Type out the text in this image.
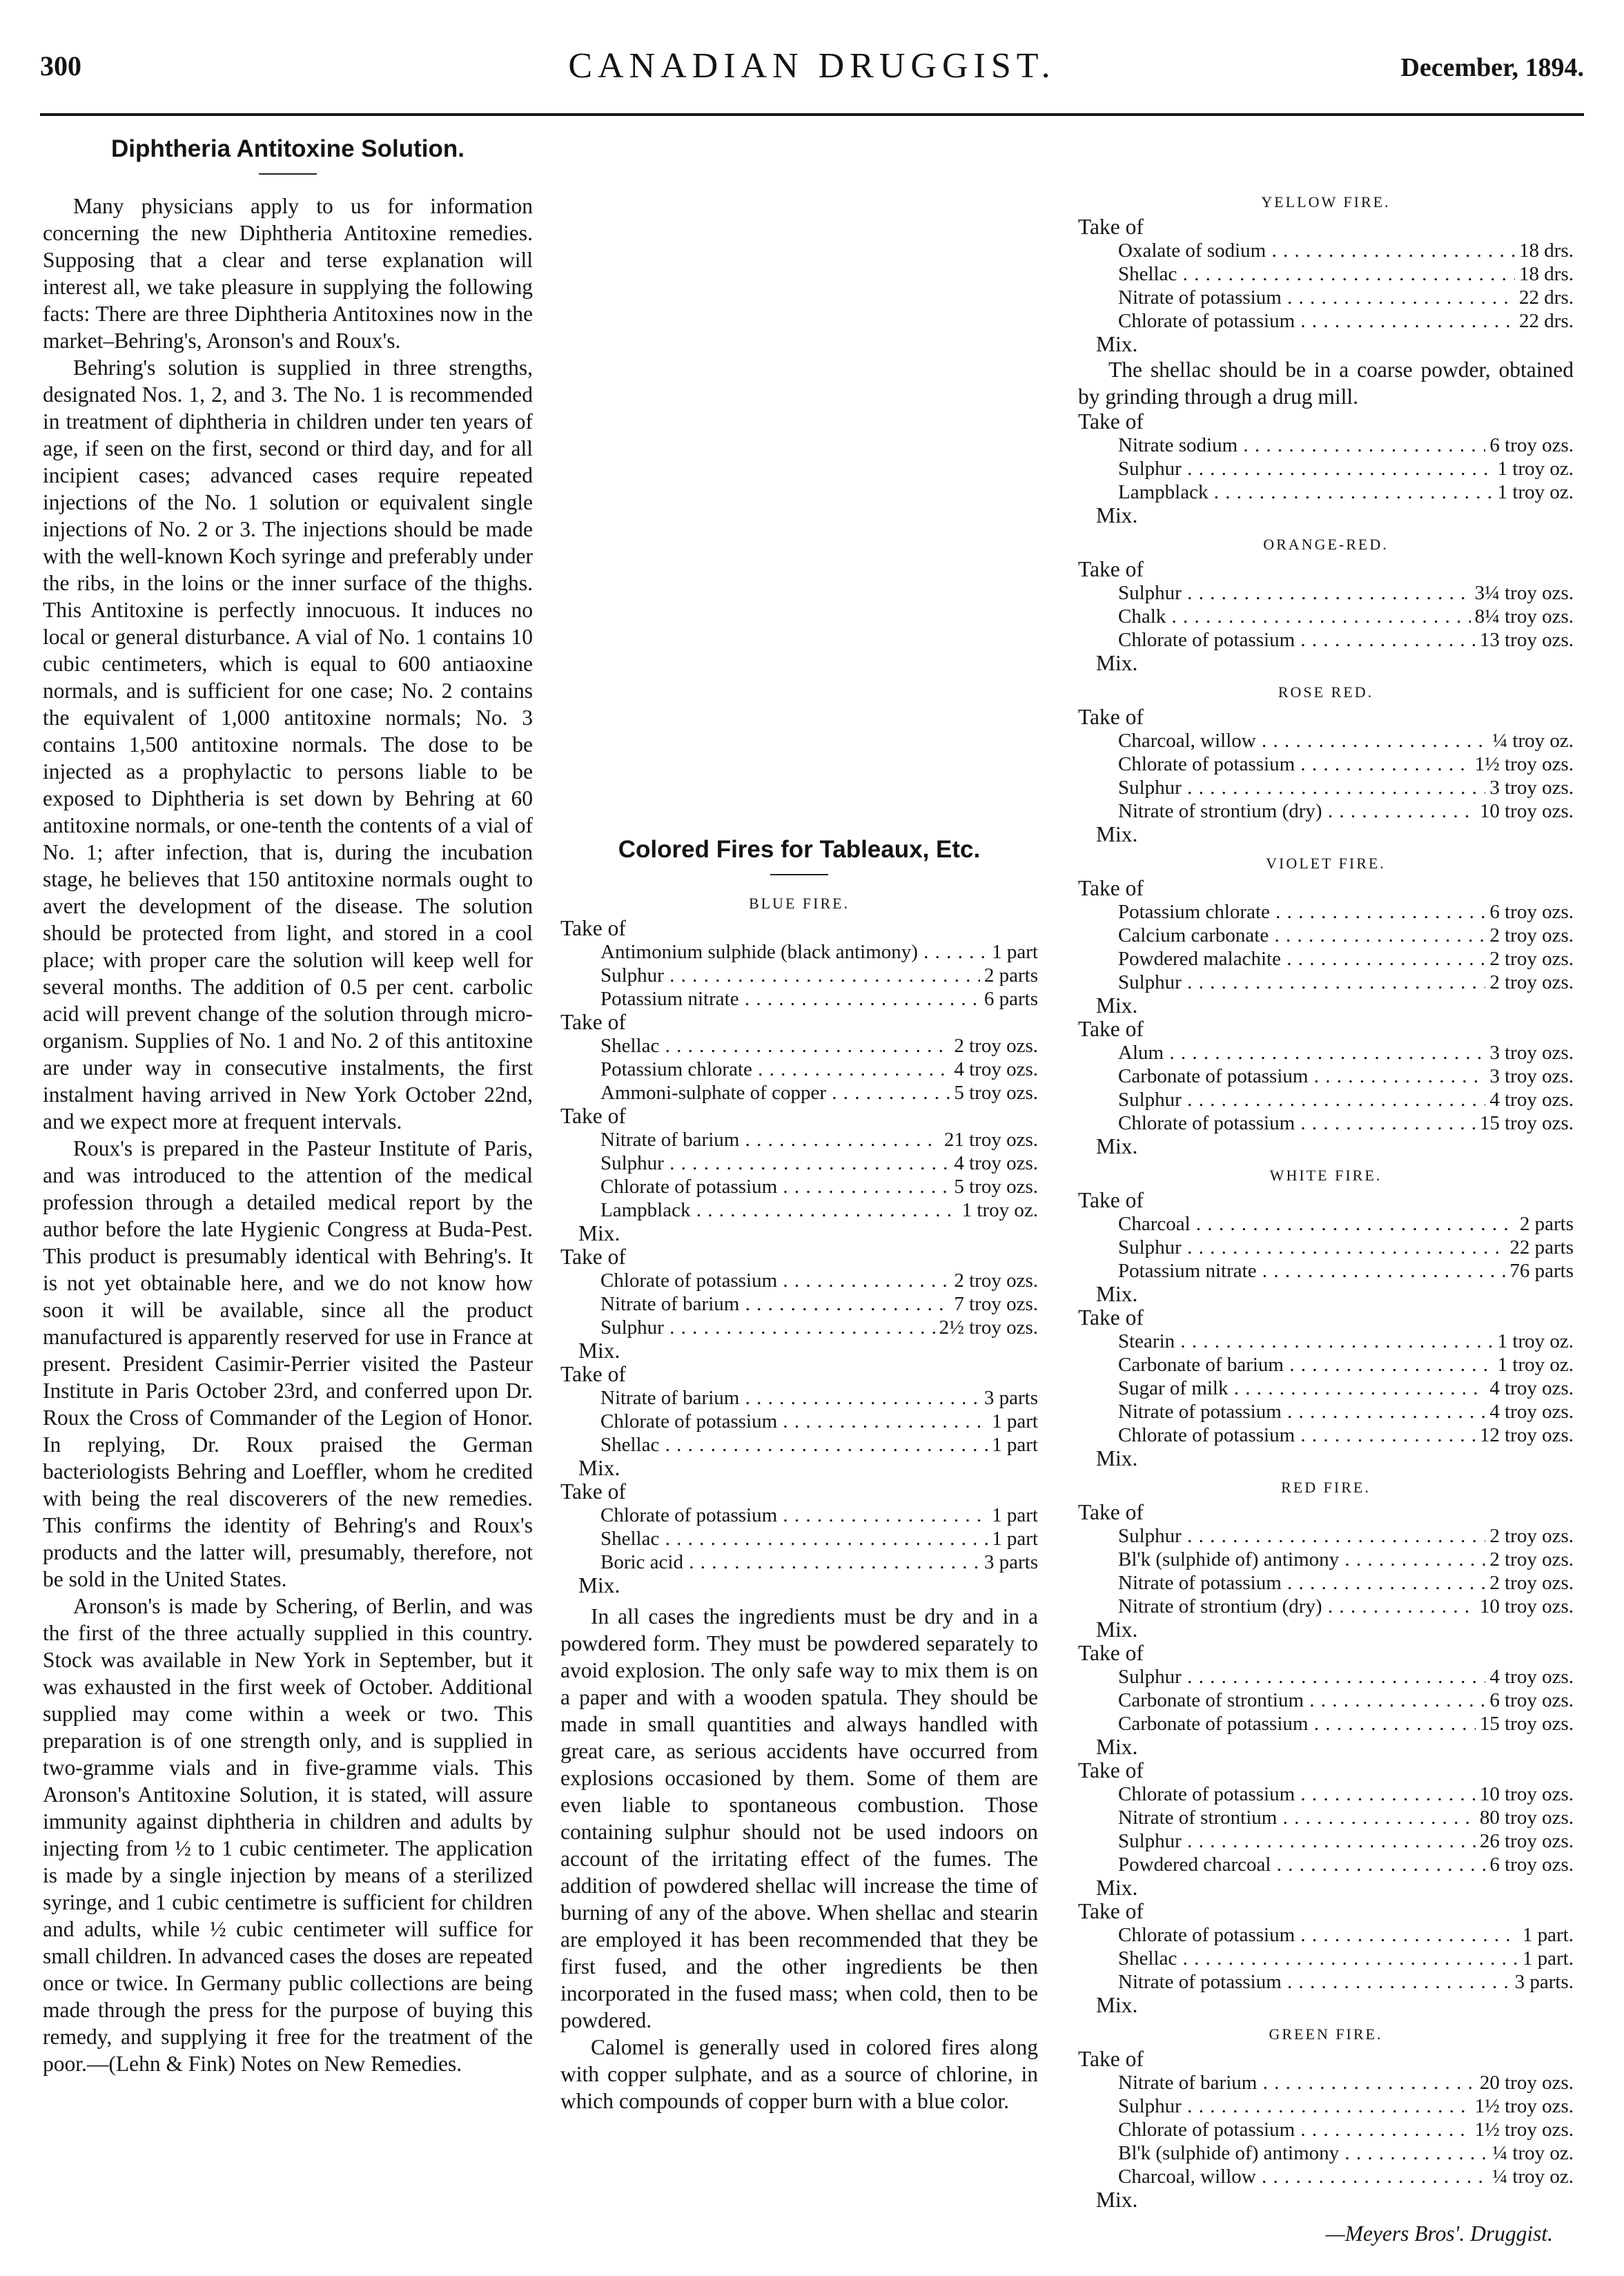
300	CANADIAN DRUGGIST.	December, 1894.
Diphtheria Antitoxine Solution.

Many physicians apply to us for information concerning the new Diphtheria Antitoxine remedies. Supposing that a clear and terse explanation will interest all, we take pleasure in supplying the following facts: There are three Diphtheria Antitoxines now in the market–Behring's, Aronson's and Roux's.

Behring's solution is supplied in three strengths, designated Nos. 1, 2, and 3. The No. 1 is recommended in treatment of diphtheria in children under ten years of age, if seen on the first, second or third day, and for all incipient cases; advanced cases require repeated injections of the No. 1 solution or equivalent single injections of No. 2 or 3. The injections should be made with the well-known Koch syringe and preferably under the ribs, in the loins or the inner surface of the thighs. This Antitoxine is perfectly innocuous. It induces no local or general disturbance. A vial of No. 1 contains 10 cubic centimeters, which is equal to 600 antiaoxine normals, and is sufficient for one case; No. 2 contains the equivalent of 1,000 antitoxine normals; No. 3 contains 1,500 antitoxine normals. The dose to be injected as a prophylactic to persons liable to be exposed to Diphtheria is set down by Behring at 60 antitoxine normals, or one-tenth the contents of a vial of No. 1; after infection, that is, during the incubation stage, he believes that 150 antitoxine normals ought to avert the development of the disease. The solution should be protected from light, and stored in a cool place; with proper care the solution will keep well for several months. The addition of 0.5 per cent. carbolic acid will prevent change of the solution through micro-organism. Supplies of No. 1 and No. 2 of this antitoxine are under way in consecutive instalments, the first instalment having arrived in New York October 22nd, and we expect more at frequent intervals.

Roux's is prepared in the Pasteur Institute of Paris, and was introduced to the attention of the medical profession through a detailed medical report by the author before the late Hygienic Congress at Buda-Pest. This product is presumably identical with Behring's. It is not yet obtainable here, and we do not know how soon it will be available, since all the product manufactured is apparently reserved for use in France at present. President Casimir-Perrier visited the Pasteur Institute in Paris October 23rd, and conferred upon Dr. Roux the Cross of Commander of the Legion of Honor. In replying, Dr. Roux praised the German bacteriologists Behring and Loeffler, whom he credited with being the real discoverers of the new remedies. This confirms the identity of Behring's and Roux's products and the latter will, presumably, therefore, not be sold in the United States.

Aronson's is made by Schering, of Berlin, and was the first of the three actually supplied in this country. Stock was available in New York in September, but it was exhausted in the first week of October. Additional supplied may come within a week or two. This preparation is of one strength only, and is supplied in two-gramme vials and in five-gramme vials. This Aronson's Antitoxine Solution, it is stated, will assure immunity against diphtheria in children and adults by injecting from ½ to 1 cubic centimeter. The application is made by a single injection by means of a sterilized syringe, and 1 cubic centimetre is sufficient for children and adults, while ½ cubic centimeter will suffice for small children. In advanced cases the doses are repeated once or twice. In Germany public collections are being made through the press for the purpose of buying this remedy, and supplying it free for the treatment of the poor.—(Lehn & Fink) Notes on New Remedies.

Colored Fires for Tableaux, Etc.
BLUE FIRE.
Take of
Antimonium sulphide (black antimony) . . .	1 part
Sulphur . . .	2 parts
Potassium nitrate . . .	6 parts
Take of
Shellac . . .	2 troy ozs.
Potassium chlorate . . .	4 troy ozs.
Ammoni-sulphate of copper . . .	5 troy ozs.
Take of
Nitrate of barium . . .	21 troy ozs.
Sulphur . . .	4 troy ozs.
Chlorate of potassium . . .	5 troy ozs.
Lampblack . . .	1 troy oz.
Mix.
Take of
Chlorate of potassium . . .	2 troy ozs.
Nitrate of barium . . .	7 troy ozs.
Sulphur . . .	2½ troy ozs.
Mix.
Take of
Nitrate of barium . . .	3 parts
Chlorate of potassium . . .	1 part
Shellac . . .	1 part
Mix.
Take of
Chlorate of potassium . . .	1 part
Shellac . . .	1 part
Boric acid . . .	3 parts
Mix.

In all cases the ingredients must be dry and in a powdered form. They must be powdered separately to avoid explosion. The only safe way to mix them is on a paper and with a wooden spatula. They should be made in small quantities and always handled with great care, as serious accidents have occurred from explosions occasioned by them. Some of them are even liable to spontaneous combustion. Those containing sulphur should not be used indoors on account of the irritating effect of the fumes. The addition of powdered shellac will increase the time of burning of any of the above. When shellac and stearin are employed it has been recommended that they be first fused, and the other ingredients be then incorporated in the fused mass; when cold, then to be powdered.

Calomel is generally used in colored fires along with copper sulphate, and as a source of chlorine, in which compounds of copper burn with a blue color.

YELLOW FIRE.
Take of
Oxalate of sodium . . .	18 drs.
Shellac . . .	18 drs.
Nitrate of potassium . . .	22 drs.
Chlorate of potassium . . .	22 drs.
Mix.

The shellac should be in a coarse powder, obtained by grinding through a drug mill.

Take of
Nitrate sodium . . .	6 troy ozs.
Sulphur . . .	1 troy oz.
Lampblack . . .	1 troy oz.
Mix.
ORANGE-RED.
Take of
Sulphur . . .	3¼ troy ozs.
Chalk . . .	8¼ troy ozs.
Chlorate of potassium . . .	13 troy ozs.
Mix.
ROSE RED.
Take of
Charcoal, willow . . .	¼ troy oz.
Chlorate of potassium . . .	1½ troy ozs.
Sulphur . . .	3 troy ozs.
Nitrate of strontium (dry) . . .	10 troy ozs.
Mix.
VIOLET FIRE.
Take of
Potassium chlorate . . .	6 troy ozs.
Calcium carbonate . . .	2 troy ozs.
Powdered malachite . . .	2 troy ozs.
Sulphur . . .	2 troy ozs.
Mix.
Take of
Alum . . .	3 troy ozs.
Carbonate of potassium . . .	3 troy ozs.
Sulphur . . .	4 troy ozs.
Chlorate of potassium . . .	15 troy ozs.
Mix.
WHITE FIRE.
Take of
Charcoal . . .	2 parts
Sulphur . . .	22 parts
Potassium nitrate . . .	76 parts
Mix.
Take of
Stearin . . .	1 troy oz.
Carbonate of barium . . .	1 troy oz.
Sugar of milk . . .	4 troy ozs.
Nitrate of potassium . . .	4 troy ozs.
Chlorate of potassium . . .	12 troy ozs.
Mix.
RED FIRE.
Take of
Sulphur . . .	2 troy ozs.
Bl'k (sulphide of) antimony . . .	2 troy ozs.
Nitrate of potassium . . .	2 troy ozs.
Nitrate of strontium (dry) . . .	10 troy ozs.
Mix.
Take of
Sulphur . . .	4 troy ozs.
Carbonate of strontium . . .	6 troy ozs.
Carbonate of potassium . . .	15 troy ozs.
Mix.
Take of
Chlorate of potassium . . .	10 troy ozs.
Nitrate of strontium . . .	80 troy ozs.
Sulphur . . .	26 troy ozs.
Powdered charcoal . . .	6 troy ozs.
Mix.
Take of
Chlorate of potassium . . .	1 part.
Shellac . . .	1 part.
Nitrate of potassium . . .	3 parts.
Mix.
GREEN FIRE.
Take of
Nitrate of barium . . .	20 troy ozs.
Sulphur . . .	1½ troy ozs.
Chlorate of potassium . . .	1½ troy ozs.
Bl'k (sulphide of) antimony . . .	¼ troy oz.
Charcoal, willow . . .	¼ troy oz.
Mix.
—Meyers Bros'. Druggist.
